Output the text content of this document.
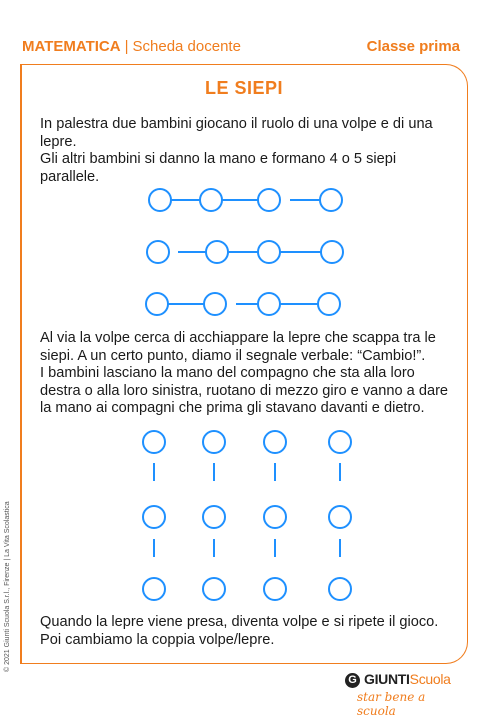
MATEMATICA | Scheda docente	Classe prima
LE SIEPI
In palestra due bambini giocano il ruolo di una volpe e di una lepre.
Gli altri bambini si danno la mano e formano 4 o 5 siepi parallele.
Al via la volpe cerca di acchiappare la lepre che scappa tra le siepi. A un certo punto, diamo il segnale verbale: “Cambio!”.
I bambini lasciano la mano del compagno che sta alla loro destra o alla loro sinistra, ruotano di mezzo giro e vanno a dare la mano ai compagni che prima gli stavano davanti e dietro.
Quando la lepre viene presa, diventa volpe e si ripete il gioco.
Poi cambiamo la coppia volpe/lepre.
© 2021 Giunti Scuola S.r.l., Firenze | La Vita Scolastica
G GIUNTIScuola
star bene a scuola
